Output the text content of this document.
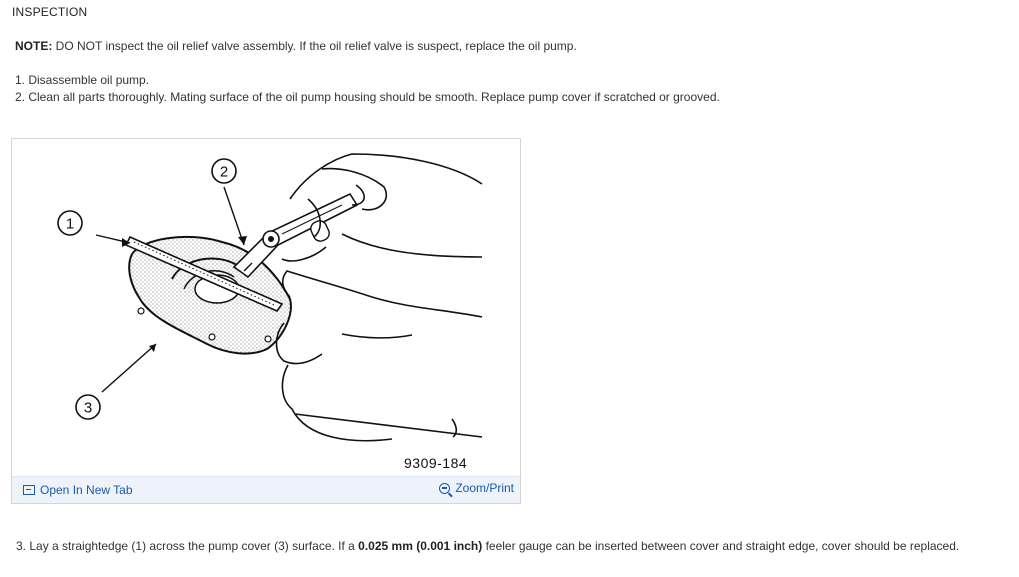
INSPECTION
NOTE: DO NOT inspect the oil relief valve assembly. If the oil relief valve is suspect, replace the oil pump.
1. Disassemble oil pump.
2. Clean all parts thoroughly. Mating surface of the oil pump housing should be smooth. Replace pump cover if scratched or grooved.
1
2
3
9309-184
Open In New Tab	Zoom/Print
3. Lay a straightedge (1) across the pump cover (3) surface. If a 0.025 mm (0.001 inch) feeler gauge can be inserted between cover and straight edge, cover should be replaced.
